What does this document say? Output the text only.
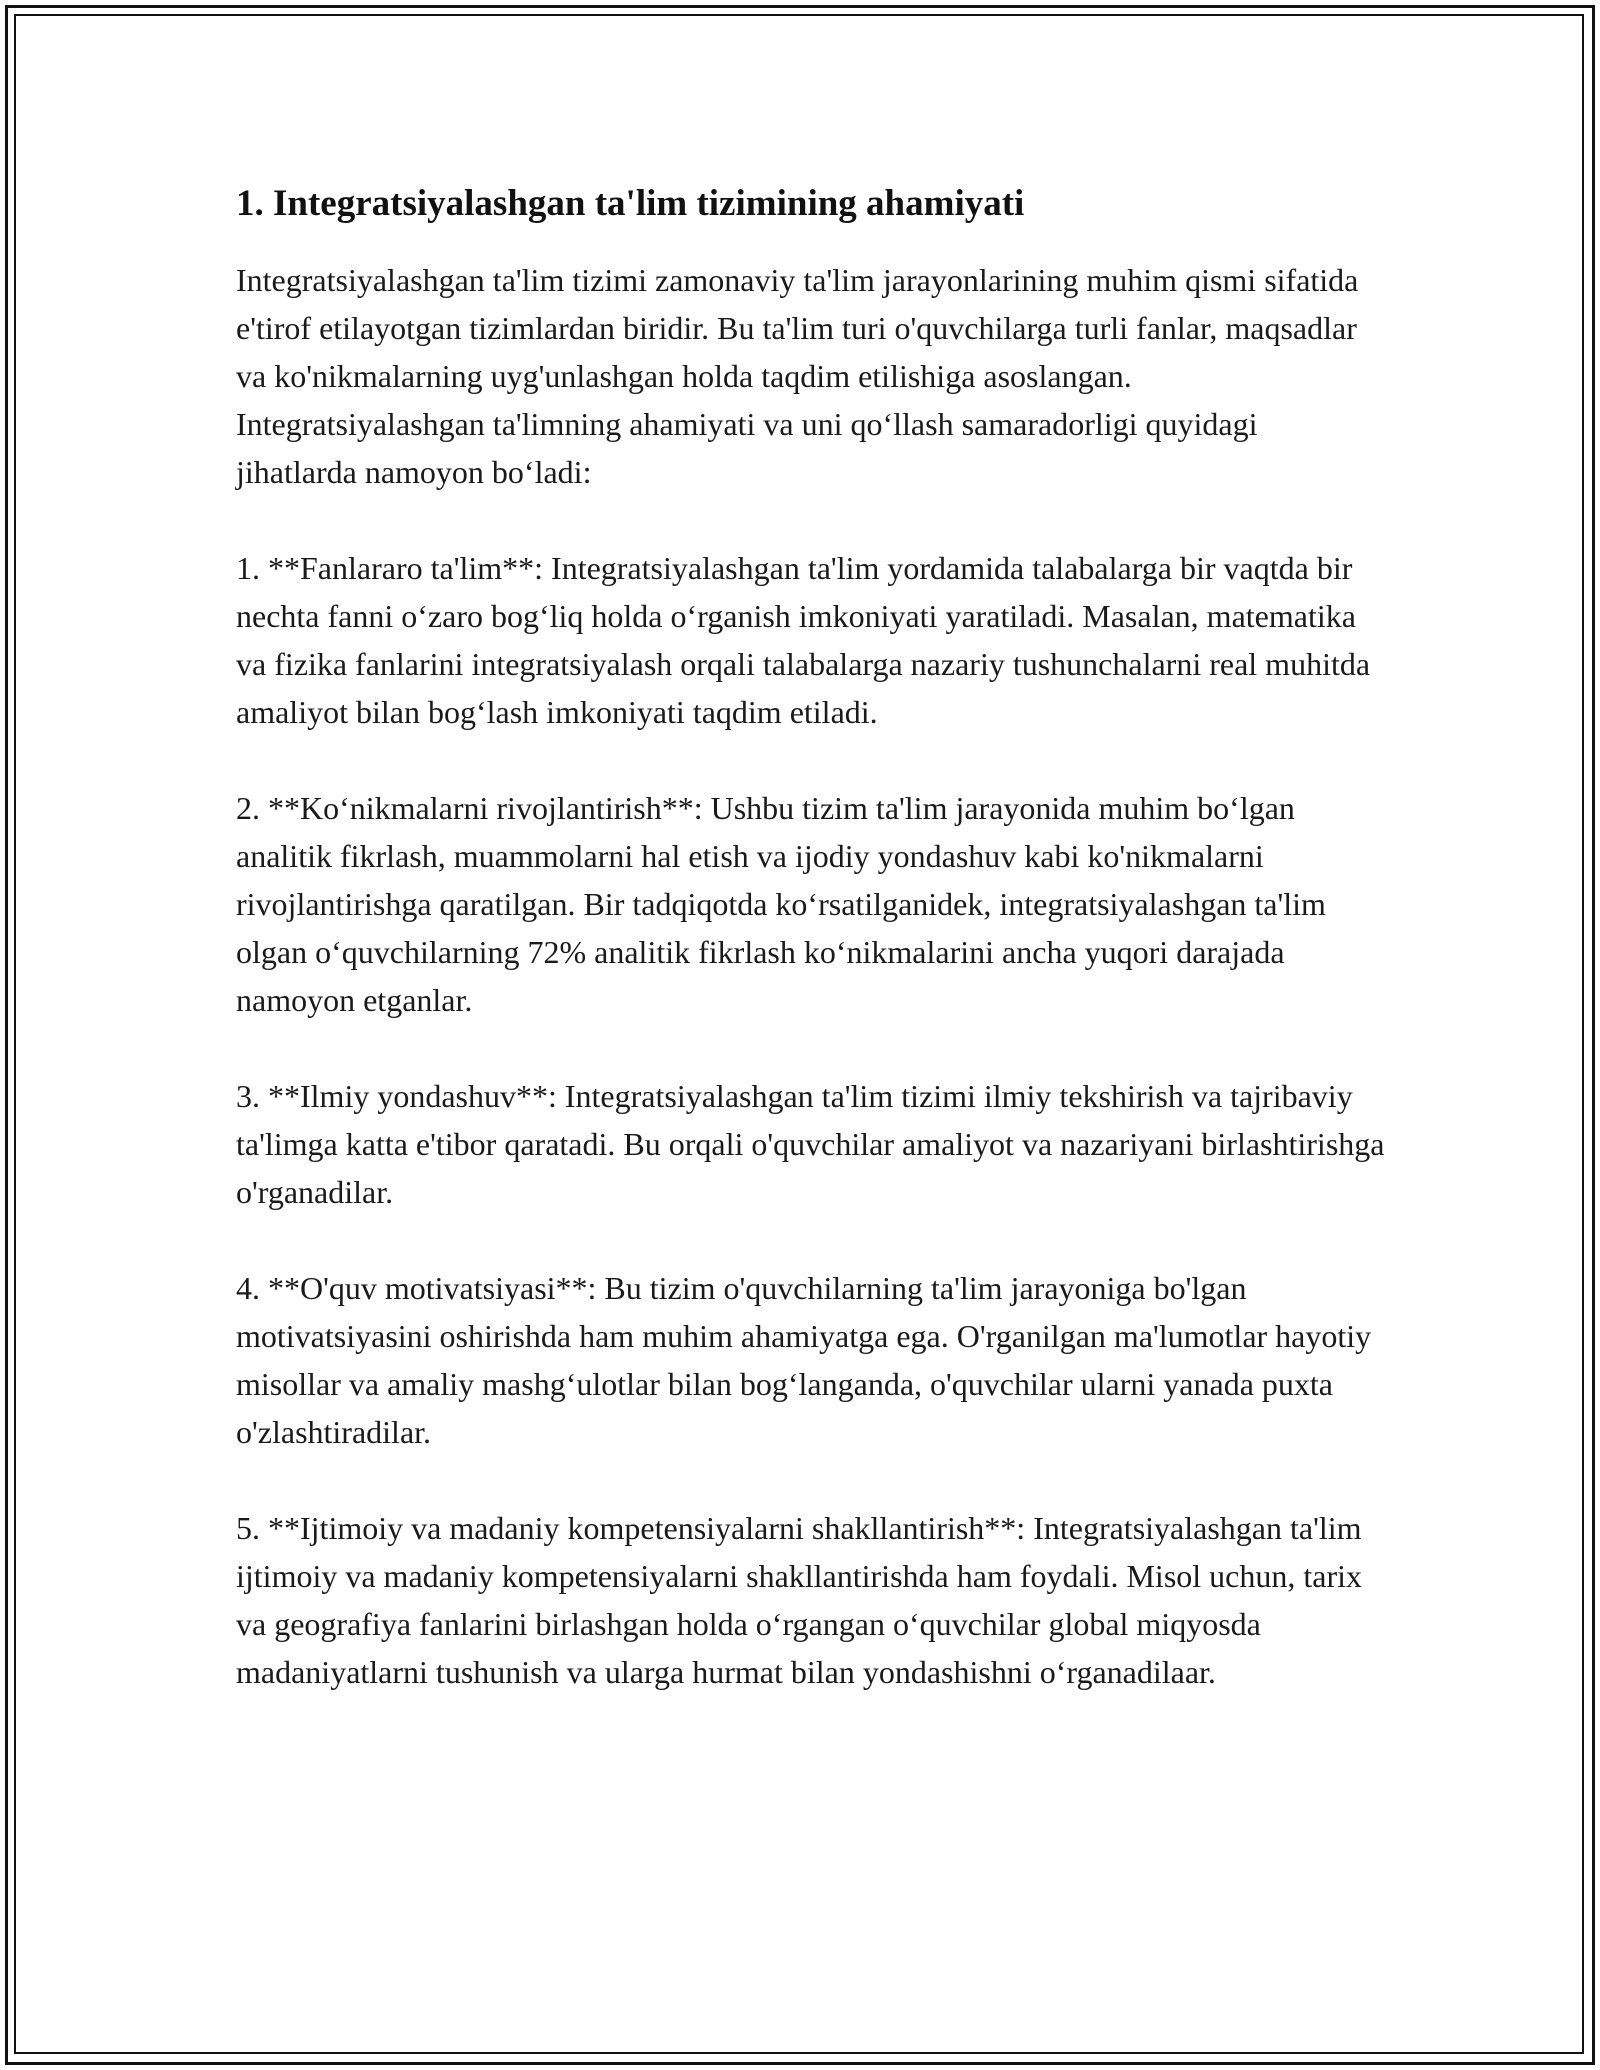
1. Integratsiyalashgan ta'lim tizimining ahamiyati

Integratsiyalashgan ta'lim tizimi zamonaviy ta'lim jarayonlarining muhim qismi sifatida e'tirof etilayotgan tizimlardan biridir. Bu ta'lim turi o'quvchilarga turli fanlar, maqsadlar va ko'nikmalarning uyg'unlashgan holda taqdim etilishiga asoslangan. Integratsiyalashgan ta'limning ahamiyati va uni qo‘llash samaradorligi quyidagi jihatlarda namoyon bo‘ladi:

1. **Fanlararo ta'lim**: Integratsiyalashgan ta'lim yordamida talabalarga bir vaqtda bir nechta fanni o‘zaro bog‘liq holda o‘rganish imkoniyati yaratiladi. Masalan, matematika va fizika fanlarini integratsiyalash orqali talabalarga nazariy tushunchalarni real muhitda amaliyot bilan bog‘lash imkoniyati taqdim etiladi.

2. **Ko‘nikmalarni rivojlantirish**: Ushbu tizim ta'lim jarayonida muhim bo‘lgan analitik fikrlash, muammolarni hal etish va ijodiy yondashuv kabi ko'nikmalarni rivojlantirishga qaratilgan. Bir tadqiqotda ko‘rsatilganidek, integratsiyalashgan ta'lim olgan o‘quvchilarning 72% analitik fikrlash ko‘nikmalarini ancha yuqori darajada namoyon etganlar.

3. **Ilmiy yondashuv**: Integratsiyalashgan ta'lim tizimi ilmiy tekshirish va tajribaviy ta'limga katta e'tibor qaratadi. Bu orqali o'quvchilar amaliyot va nazariyani birlashtirishga o'rganadilar.

4. **O'quv motivatsiyasi**: Bu tizim o'quvchilarning ta'lim jarayoniga bo'lgan motivatsiyasini oshirishda ham muhim ahamiyatga ega. O'rganilgan ma'lumotlar hayotiy misollar va amaliy mashg‘ulotlar bilan bog‘langanda, o'quvchilar ularni yanada puxta o'zlashtiradilar.

5. **Ijtimoiy va madaniy kompetensiyalarni shakllantirish**: Integratsiyalashgan ta'lim ijtimoiy va madaniy kompetensiyalarni shakllantirishda ham foydali. Misol uchun, tarix va geografiya fanlarini birlashgan holda o‘rgangan o‘quvchilar global miqyosda madaniyatlarni tushunish va ularga hurmat bilan yondashishni o‘rganadilaar.
